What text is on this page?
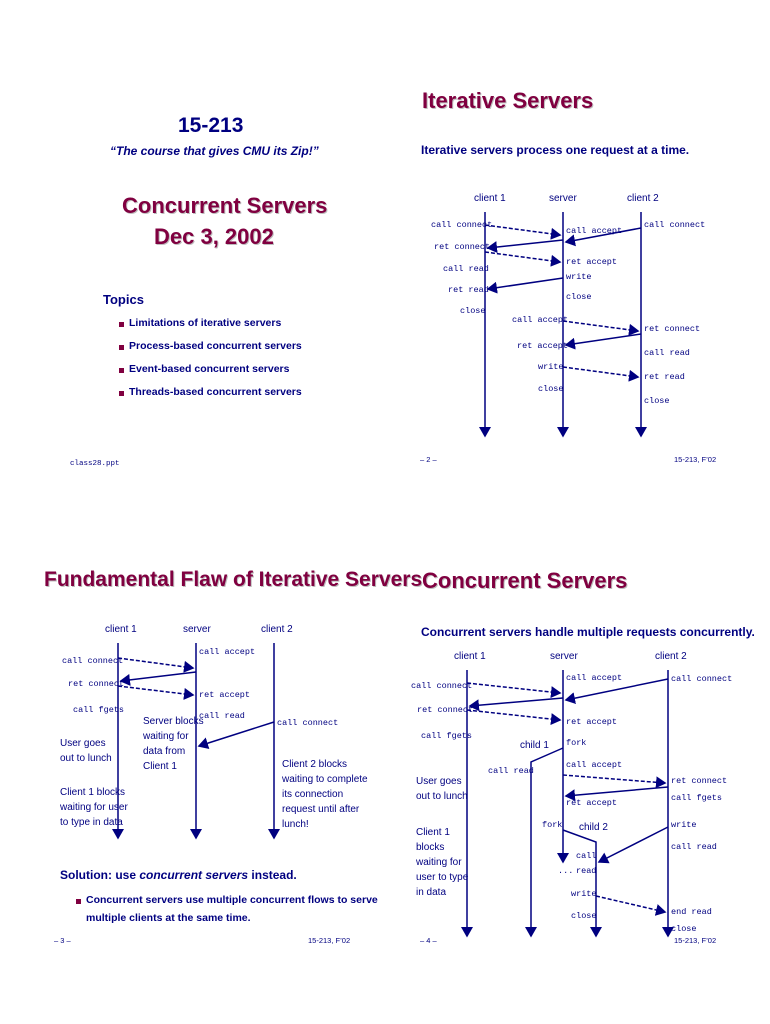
15-213
“The course that gives CMU its Zip!”
Concurrent Servers
Dec 3, 2002
Topics
Limitations of iterative servers
Process-based concurrent servers
Event-based concurrent servers
Threads-based concurrent servers
class28.ppt
Iterative Servers
Iterative servers process one request at a time.
client 1	server	client 2
call connect
ret connect
call read
ret read
close
call accept
ret accept
write
close
call accept
ret accept
write
close
call connect
ret connect
call read
ret read
close
– 2 –	15-213, F’02
Fundamental Flaw of Iterative Servers
client 1	server	client 2
call connect
ret connect
call fgets
call accept
ret accept
call read
call connect
User goes
out to lunch
Client 1 blocks
waiting for user
to type in data
Server blocks
waiting for
data from
Client 1	Client 2 blocks
waiting to complete
its connection
request until after
lunch!
Solution: use concurrent servers instead.
Concurrent servers use multiple concurrent flows to serve
multiple clients at the same time.
– 3 –	15-213, F’02
Concurrent Servers
Concurrent servers handle multiple requests concurrently.
client 1	server	client 2
call connect
ret connect
call fgets
call accept
ret accept
fork
child 1
call read
call accept
ret accept
fork child 2
call
read
...
write
close
call connect
ret connect
call fgets
write
call read
end read
close
User goes
out to lunch
Client 1
blocks
waiting for
user to type
in data
– 4 –	15-213, F’02
